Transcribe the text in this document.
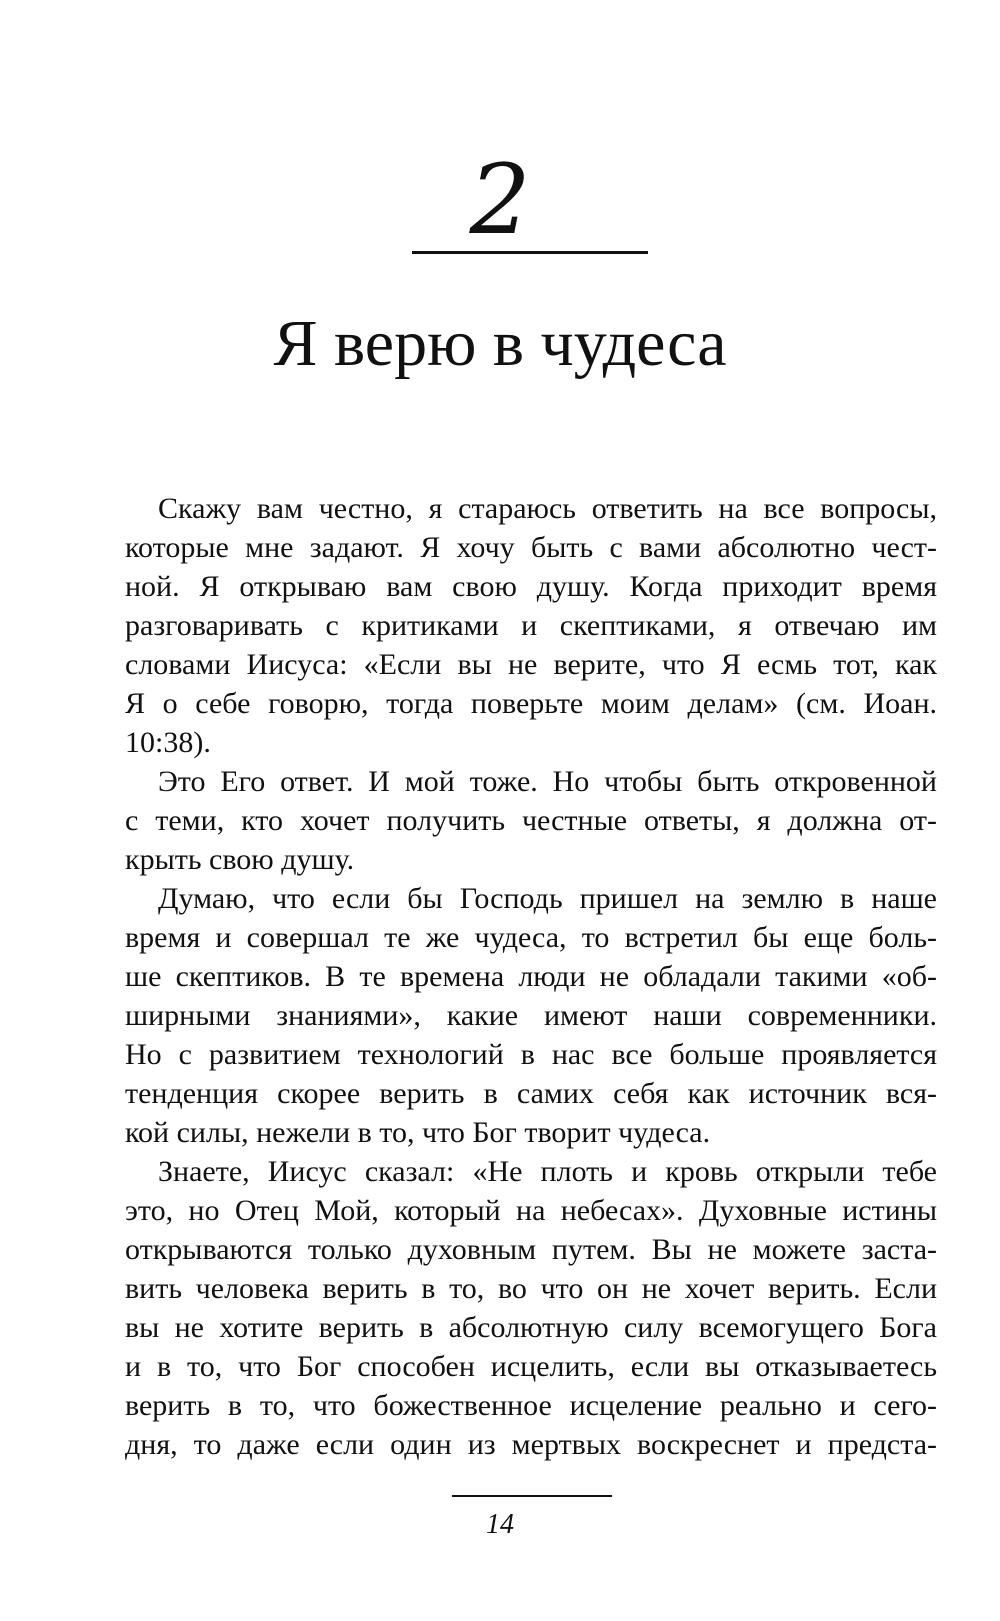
2
Я верю в чудеса
Скажу вам честно, я стараюсь ответить на все вопросы,
которые мне задают. Я хочу быть с вами абсолютно чест-
ной. Я открываю вам свою душу. Когда приходит время
разговаривать с критиками и скептиками, я отвечаю им
словами Иисуса: «Если вы не верите, что Я есмь тот, как
Я о себе говорю, тогда поверьте моим делам» (см. Иоан.
10:38).
Это Его ответ. И мой тоже. Но чтобы быть откровенной
с теми, кто хочет получить честные ответы, я должна от-
крыть свою душу.
Думаю, что если бы Господь пришел на землю в наше
время и совершал те же чудеса, то встретил бы еще боль-
ше скептиков. В те времена люди не обладали такими «об-
ширными знаниями», какие имеют наши современники.
Но с развитием технологий в нас все больше проявляется
тенденция скорее верить в самих себя как источник вся-
кой силы, нежели в то, что Бог творит чудеса.
Знаете, Иисус сказал: «Не плоть и кровь открыли тебе
это, но Отец Мой, который на небесах». Духовные истины
открываются только духовным путем. Вы не можете заста-
вить человека верить в то, во что он не хочет верить. Если
вы не хотите верить в абсолютную силу всемогущего Бога
и в то, что Бог способен исцелить, если вы отказываетесь
верить в то, что божественное исцеление реально и сего-
дня, то даже если один из мертвых воскреснет и предста-
14
